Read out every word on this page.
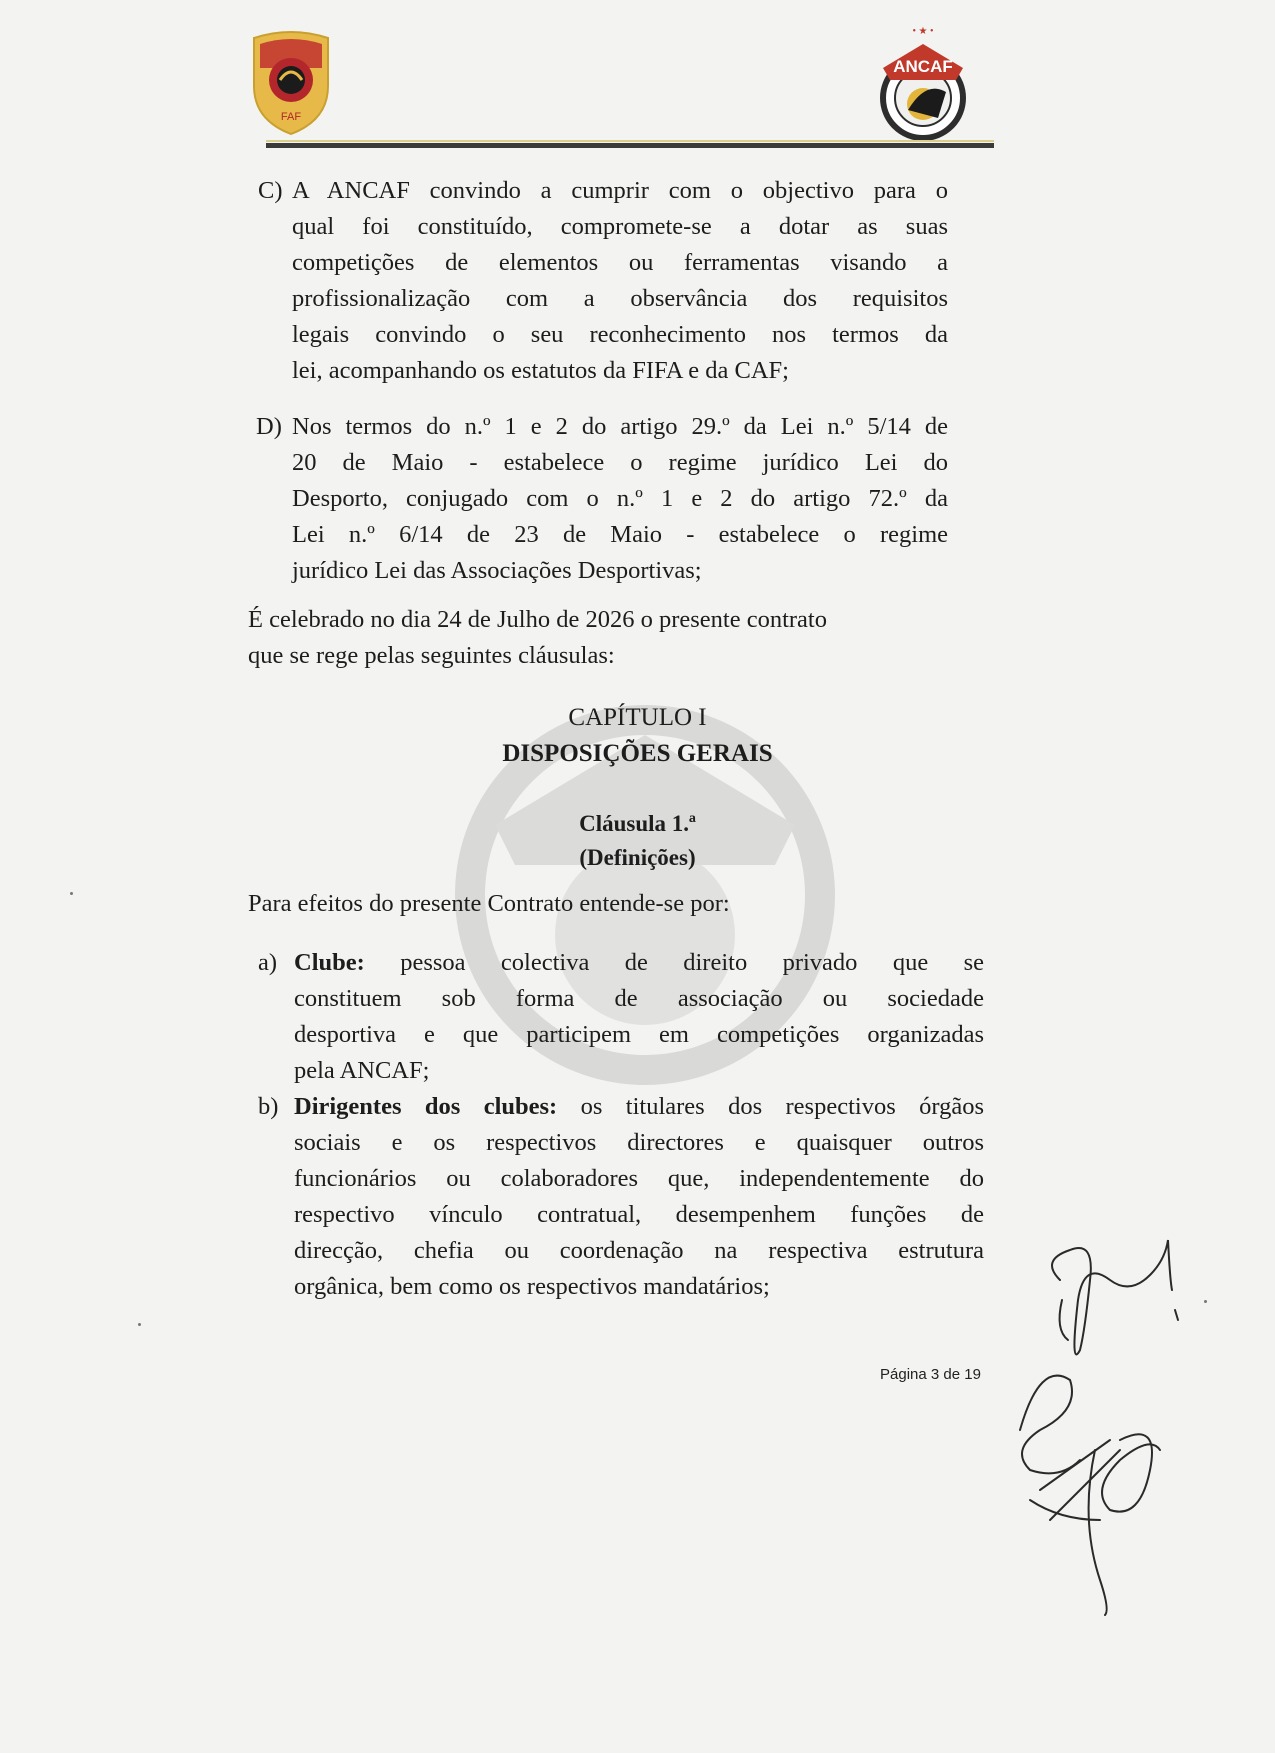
FAF
ANCAF
• ★ •
C) A ANCAF convindo a cumprir com o objectivo para o
qual foi constituído, compromete-se a dotar as suas
competições de elementos ou ferramentas visando a
profissionalização com a observância dos requisitos
legais convindo o seu reconhecimento nos termos da
lei, acompanhando os estatutos da FIFA e da CAF;
D) Nos termos do n.º 1 e 2 do artigo 29.º da Lei n.º 5/14 de
20 de Maio - estabelece o regime jurídico Lei do
Desporto, conjugado com o n.º 1 e 2 do artigo 72.º da
Lei n.º 6/14 de 23 de Maio - estabelece o regime
jurídico Lei das Associações Desportivas;
É celebrado no dia 24 de Julho de 2026 o presente contrato
que se rege pelas seguintes cláusulas:
CAPÍTULO I
DISPOSIÇÕES GERAIS
Cláusula 1.ª
(Definições)
Para efeitos do presente Contrato entende-se por:
a) Clube: pessoa colectiva de direito privado que se
constituem sob forma de associação ou sociedade
desportiva e que participem em competições organizadas
pela ANCAF;
b) Dirigentes dos clubes: os titulares dos respectivos órgãos
sociais e os respectivos directores e quaisquer outros
funcionários ou colaboradores que, independentemente do
respectivo vínculo contratual, desempenhem funções de
direcção, chefia ou coordenação na respectiva estrutura
orgânica, bem como os respectivos mandatários;
Página 3 de 19
